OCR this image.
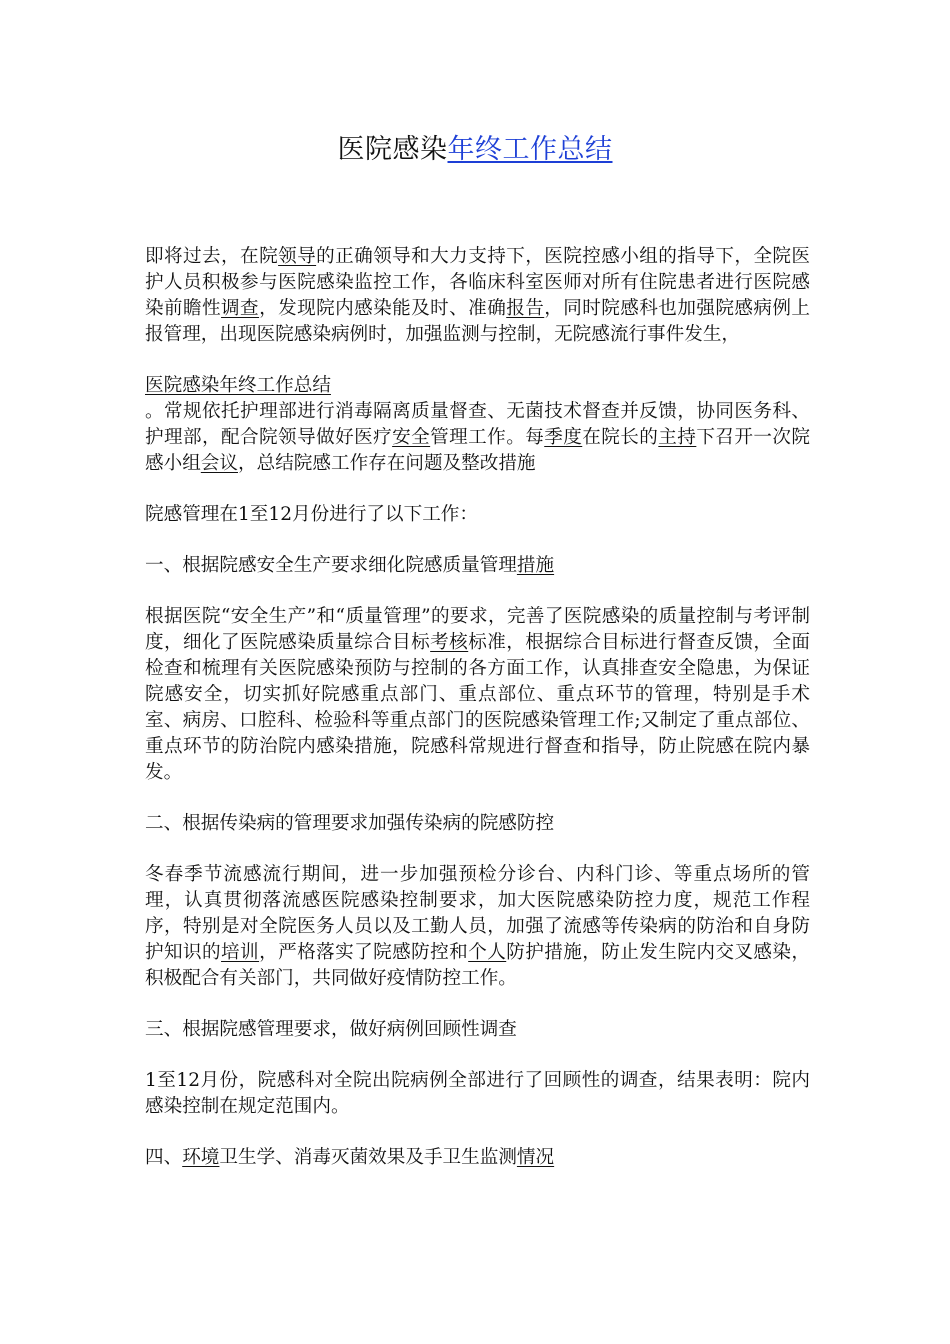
医院感染年终工作总结

即将过去，在院领导的正确领导和大力支持下，医院控感小组的指导下，全院医护人员积极参与医院感染监控工作，各临床科室医师对所有住院患者进行医院感染前瞻性调查，发现院内感染能及时、准确报告，同时院感科也加强院感病例上报管理，出现医院感染病例时，加强监测与控制，无院感流行事件发生，

医院感染年终工作总结

。常规依托护理部进行消毒隔离质量督查、无菌技术督查并反馈，协同医务科、护理部，配合院领导做好医疗安全管理工作。每季度在院长的主持下召开一次院感小组会议，总结院感工作存在问题及整改措施

院感管理在1至12月份进行了以下工作：

一、根据院感安全生产要求细化院感质量管理措施

根据医院“安全生产”和“质量管理”的要求，完善了医院感染的质量控制与考评制度，细化了医院感染质量综合目标考核标准，根据综合目标进行督查反馈，全面检查和梳理有关医院感染预防与控制的各方面工作，认真排查安全隐患，为保证院感安全，切实抓好院感重点部门、重点部位、重点环节的管理，特别是手术室、病房、口腔科、检验科等重点部门的医院感染管理工作;又制定了重点部位、重点环节的防治院内感染措施，院感科常规进行督查和指导，防止院感在院内暴发。

二、根据传染病的管理要求加强传染病的院感防控

冬春季节流感流行期间，进一步加强预检分诊台、内科门诊、等重点场所的管理，认真贯彻落流感医院感染控制要求，加大医院感染防控力度，规范工作程序，特别是对全院医务人员以及工勤人员，加强了流感等传染病的防治和自身防护知识的培训，严格落实了院感防控和个人防护措施，防止发生院内交叉感染，积极配合有关部门，共同做好疫情防控工作。

三、根据院感管理要求，做好病例回顾性调查

1至12月份，院感科对全院出院病例全部进行了回顾性的调查，结果表明：院内感染控制在规定范围内。

四、环境卫生学、消毒灭菌效果及手卫生监测情况
